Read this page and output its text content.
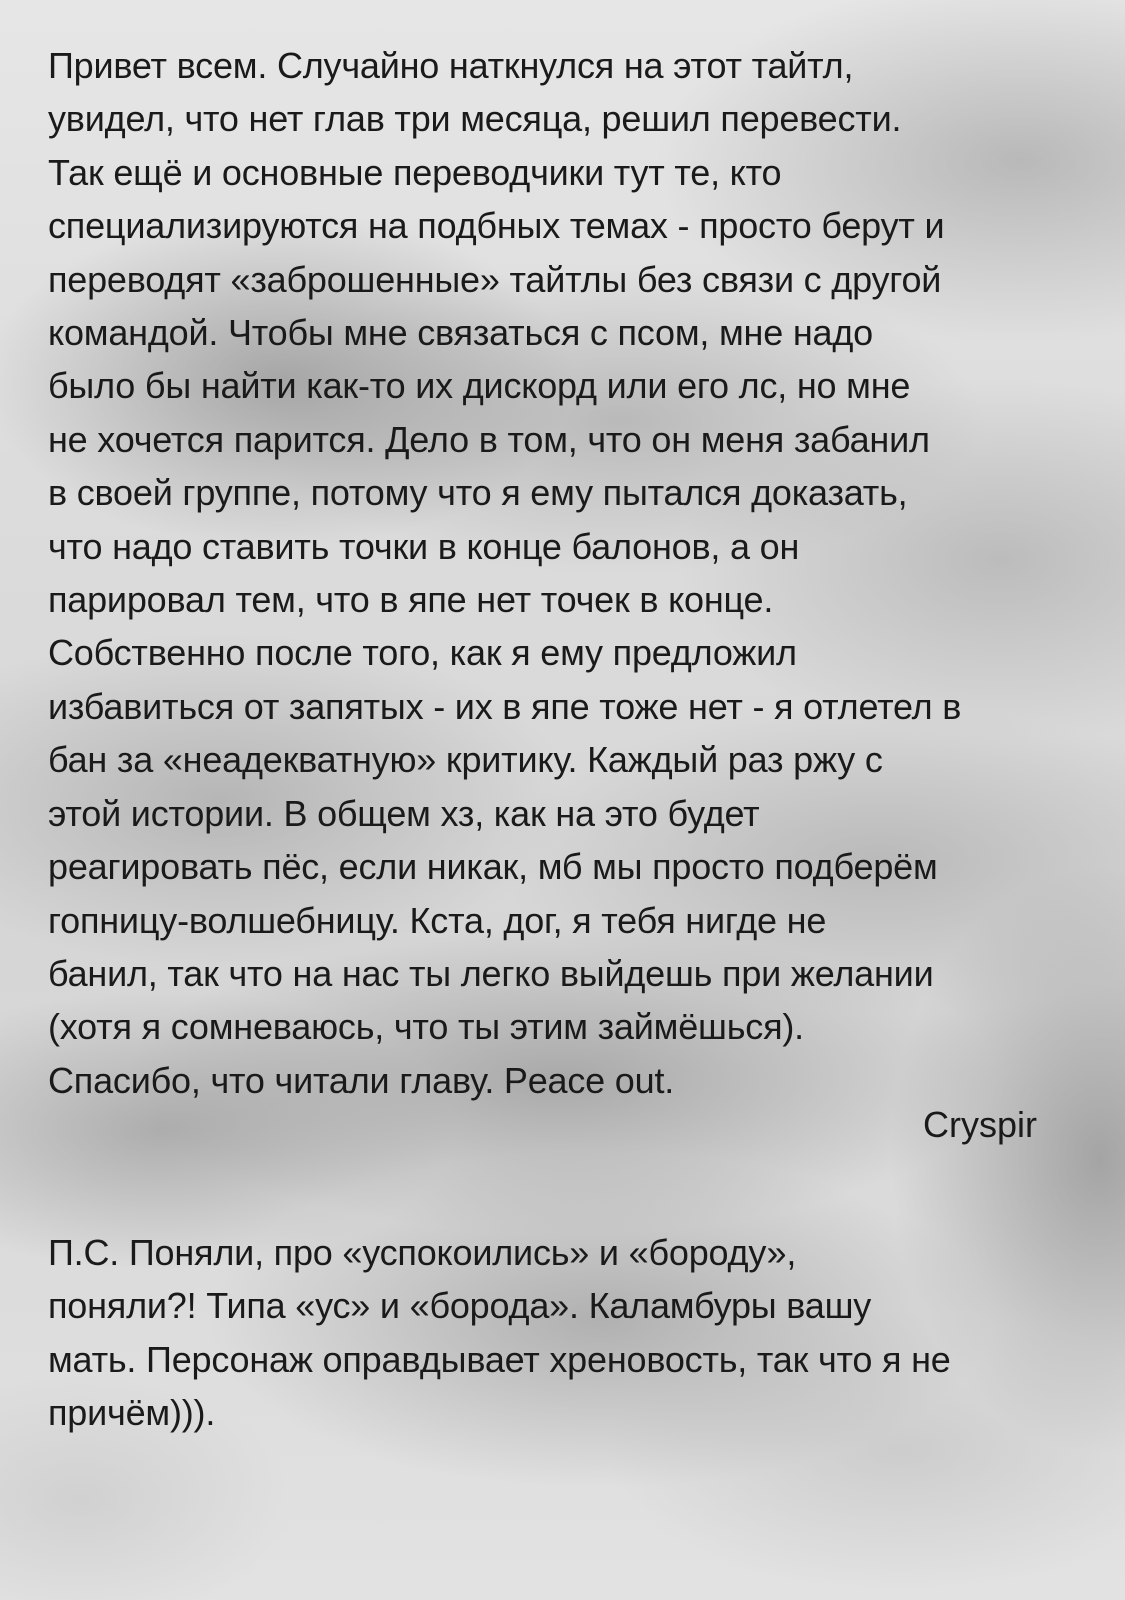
Привет всем. Случайно наткнулся на этот тайтл,
увидел, что нет глав три месяца, решил перевести.
Так ещё и основные переводчики тут те, кто
специализируются на подбных темах - просто берут и
переводят «заброшенные» тайтлы без связи с другой
командой. Чтобы мне связаться с псом, мне надо
было бы найти как-то их дискорд или его лс, но мне
не хочется парится. Дело в том, что он меня забанил
в своей группе, потому что я ему пытался доказать,
что надо ставить точки в конце балонов, а он
парировал тем, что в япе нет точек в конце.
Собственно после того, как я ему предложил
избавиться от запятых - их в япе тоже нет - я отлетел в
бан за «неадекватную» критику. Каждый раз ржу с
этой истории. В общем хз, как на это будет
реагировать пёс, если никак, мб мы просто подберём
гопницу-волшебницу. Кста, дог, я тебя нигде не
банил, так что на нас ты легко выйдешь при желании
(хотя я сомневаюсь, что ты этим займёшься).
Спасибо, что читали главу. Peace out.

Cryspir

П.С. Поняли, про «успокоились» и «бороду»,
поняли?! Типа «ус» и «борода». Каламбуры вашу
мать. Персонаж оправдывает хреновость, так что я не
причём))).
